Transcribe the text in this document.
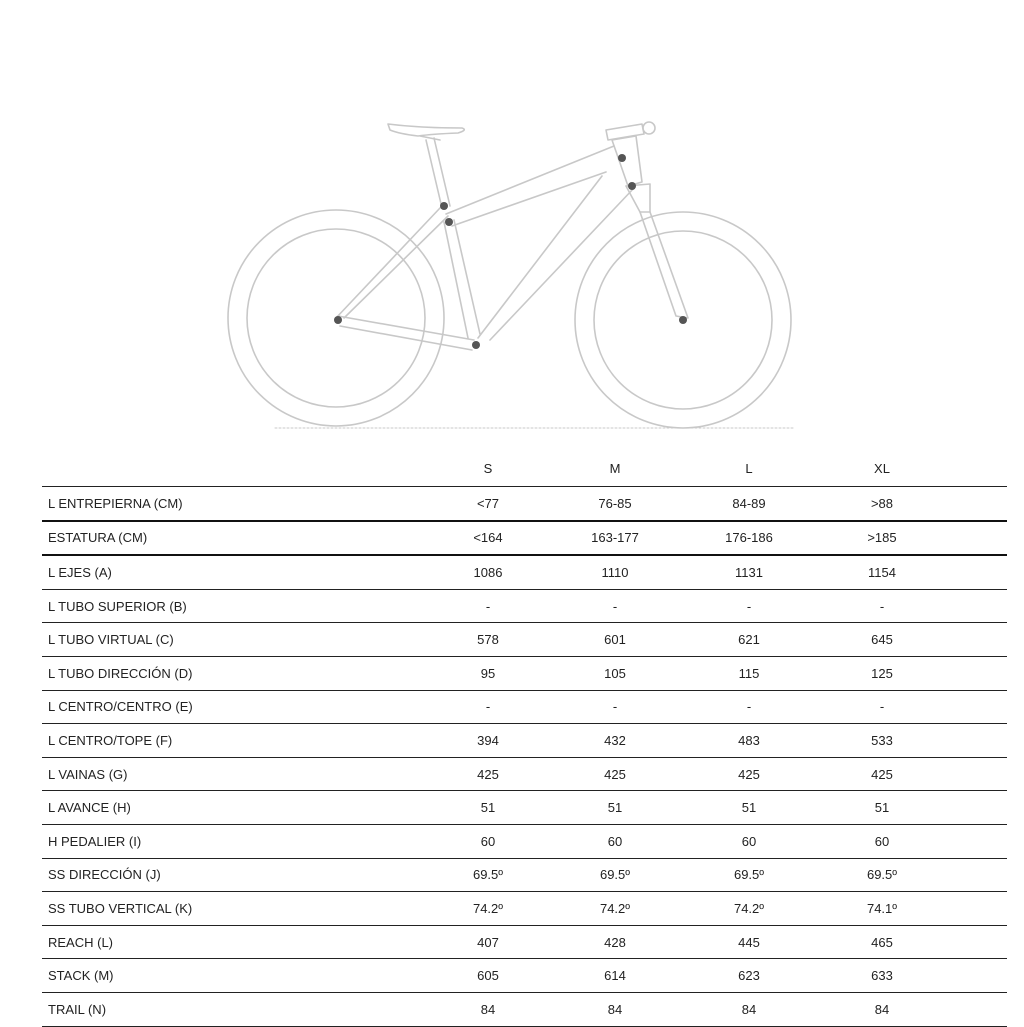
	S	M	L	XL	
L ENTREPIERNA (CM)	<77	76-85	84-89	>88	
ESTATURA (CM)	<164	163-177	176-186	>185	
L EJES (A)	1086	1110	1131	1154	
L TUBO SUPERIOR (B)	-	-	-	-	
L TUBO VIRTUAL (C)	578	601	621	645	
L TUBO DIRECCIÓN (D)	95	105	115	125	
L CENTRO/CENTRO (E)	-	-	-	-	
L CENTRO/TOPE (F)	394	432	483	533	
L VAINAS (G)	425	425	425	425	
L AVANCE (H)	51	51	51	51	
H PEDALIER (I)	60	60	60	60	
SS DIRECCIÓN (J)	69.5º	69.5º	69.5º	69.5º	
SS TUBO VERTICAL (K)	74.2º	74.2º	74.2º	74.1º	
REACH (L)	407	428	445	465	
STACK (M)	605	614	623	633	
TRAIL (N)	84	84	84	84	
